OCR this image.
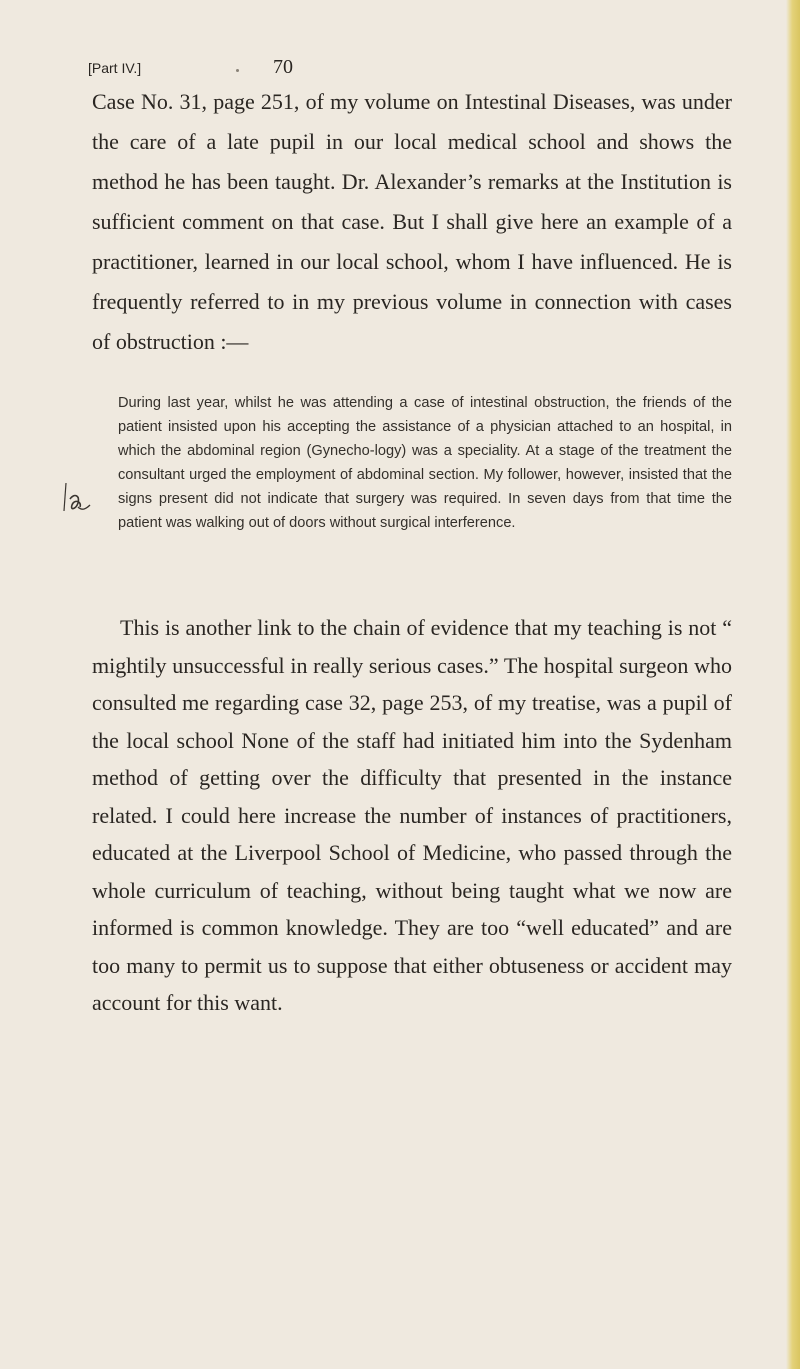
[Part IV.]	70

Case No. 31, page 251, of my volume on Intestinal Diseases, was under the care of a late pupil in our local medical school and shows the method he has been taught. Dr. Alexander’s remarks at the Institution is sufficient comment on that case. But I shall give here an example of a practitioner, learned in our local school, whom I have influenced. He is frequently referred to in my previous volume in connection with cases of obstruction :—

During last year, whilst he was attending a case of intestinal obstruction, the friends of the patient insisted upon his accepting the assistance of a physician attached to an hospital, in which the abdominal region (Gynecho-logy) was a speciality. At a stage of the treatment the consultant urged the employment of abdominal section. My follower, however, insisted that the signs present did not indicate that surgery was required. In seven days from that time the patient was walking out of doors without surgical interference.

This is another link to the chain of evidence that my teaching is not “ mightily unsuccessful in really serious cases.” The hospital surgeon who consulted me regarding case 32, page 253, of my treatise, was a pupil of the local school None of the staff had initiated him into the Sydenham method of getting over the difficulty that presented in the instance related. I could here increase the number of instances of practitioners, educated at the Liverpool School of Medicine, who passed through the whole curriculum of teaching, without being taught what we now are informed is common knowledge. They are too “well educated” and are too many to permit us to suppose that either obtuseness or accident may account for this want.
